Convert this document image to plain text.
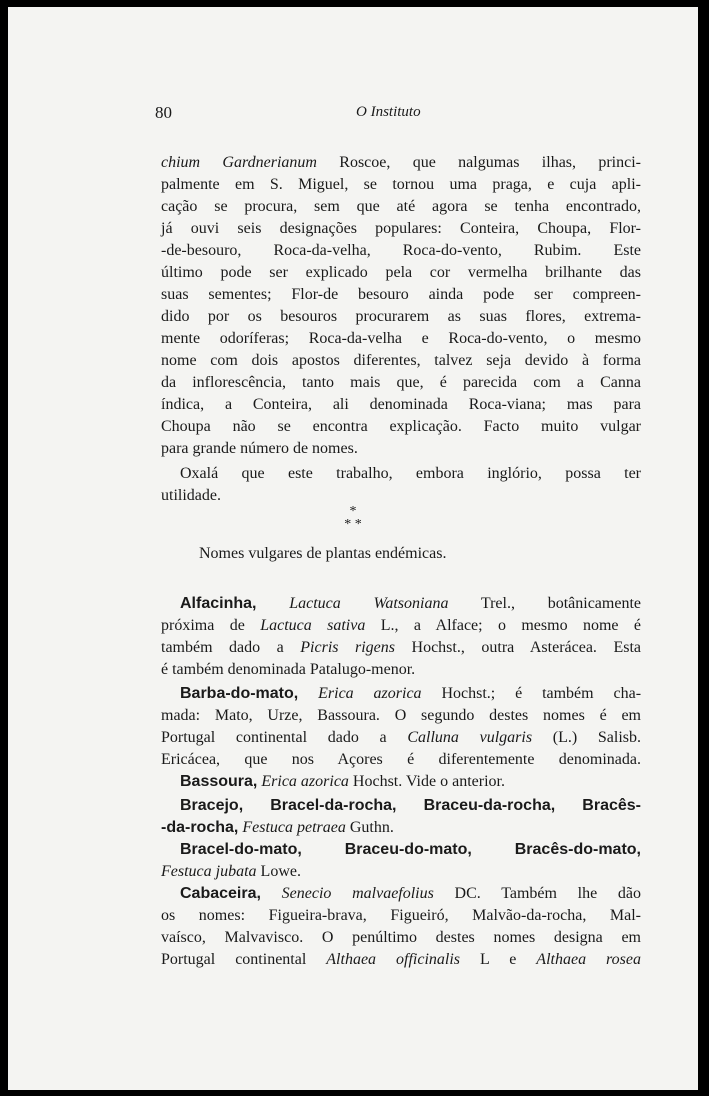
80	O Instituto
chium Gardnerianum Roscoe, que nalgumas ilhas, princi-
palmente em S. Miguel, se tornou uma praga, e cuja apli-
cação se procura, sem que até agora se tenha encontrado,
já ouvi seis designações populares: Conteira, Choupa, Flor-
-de-besouro, Roca-da-velha, Roca-do-vento, Rubim. Este
último pode ser explicado pela cor vermelha brilhante das
suas sementes; Flor-de besouro ainda pode ser compreen-
dido por os besouros procurarem as suas flores, extrema-
mente odoríferas; Roca-da-velha e Roca-do-vento, o mesmo
nome com dois apostos diferentes, talvez seja devido à forma
da inflorescência, tanto mais que, é parecida com a Canna
índica, a Conteira, ali denominada Roca-viana; mas para
Choupa não se encontra explicação. Facto muito vulgar
para grande número de nomes.
Oxalá que este trabalho, embora inglório, possa ter
utilidade.
*
* *
Nomes vulgares de plantas endémicas.
Alfacinha, Lactuca Watsoniana Trel., botânicamente
próxima de Lactuca sativa L., a Alface; o mesmo nome é
também dado a Picris rigens Hochst., outra Asterácea. Esta
é também denominada Patalugo-menor.
Barba-do-mato, Erica azorica Hochst.; é também cha-
mada: Mato, Urze, Bassoura. O segundo destes nomes é em
Portugal continental dado a Calluna vulgaris (L.) Salisb.
Ericácea, que nos Açores é diferentemente denominada.
Bassoura, Erica azorica Hochst. Vide o anterior.
Bracejo, Bracel-da-rocha, Braceu-da-rocha, Bracês-
-da-rocha, Festuca petraea Guthn.
Bracel-do-mato, Braceu-do-mato, Bracês-do-mato,
Festuca jubata Lowe.
Cabaceira, Senecio malvaefolius DC. Também lhe dão
os nomes: Figueira-brava, Figueiró, Malvão-da-rocha, Mal-
vaísco, Malvavisco. O penúltimo destes nomes designa em
Portugal continental Althaea officinalis L e Althaea rosea
